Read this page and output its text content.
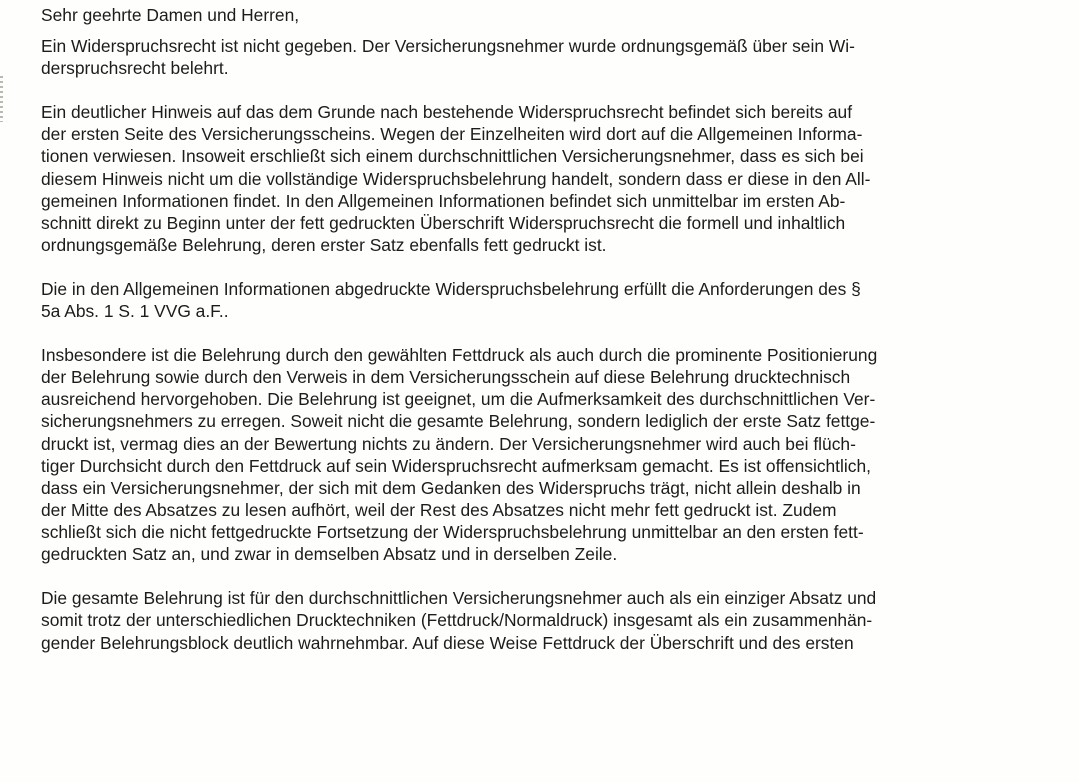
Sehr geehrte Damen und Herren,
Ein Widerspruchsrecht ist nicht gegeben. Der Versicherungsnehmer wurde ordnungsgemäß über sein Wi-
derspruchsrecht belehrt.
Ein deutlicher Hinweis auf das dem Grunde nach bestehende Widerspruchsrecht befindet sich bereits auf
der ersten Seite des Versicherungsscheins. Wegen der Einzelheiten wird dort auf die Allgemeinen Informa-
tionen verwiesen. Insoweit erschließt sich einem durchschnittlichen Versicherungsnehmer, dass es sich bei
diesem Hinweis nicht um die vollständige Widerspruchsbelehrung handelt, sondern dass er diese in den All-
gemeinen Informationen findet. In den Allgemeinen Informationen befindet sich unmittelbar im ersten Ab-
schnitt direkt zu Beginn unter der fett gedruckten Überschrift Widerspruchsrecht die formell und inhaltlich
ordnungsgemäße Belehrung, deren erster Satz ebenfalls fett gedruckt ist.
Die in den Allgemeinen Informationen abgedruckte Widerspruchsbelehrung erfüllt die Anforderungen des §
5a Abs. 1 S. 1 VVG a.F..
Insbesondere ist die Belehrung durch den gewählten Fettdruck als auch durch die prominente Positionierung
der Belehrung sowie durch den Verweis in dem Versicherungsschein auf diese Belehrung drucktechnisch
ausreichend hervorgehoben. Die Belehrung ist geeignet, um die Aufmerksamkeit des durchschnittlichen Ver-
sicherungsnehmers zu erregen. Soweit nicht die gesamte Belehrung, sondern lediglich der erste Satz fettge-
druckt ist, vermag dies an der Bewertung nichts zu ändern. Der Versicherungsnehmer wird auch bei flüch-
tiger Durchsicht durch den Fettdruck auf sein Widerspruchsrecht aufmerksam gemacht. Es ist offensichtlich,
dass ein Versicherungsnehmer, der sich mit dem Gedanken des Widerspruchs trägt, nicht allein deshalb in
der Mitte des Absatzes zu lesen aufhört, weil der Rest des Absatzes nicht mehr fett gedruckt ist. Zudem
schließt sich die nicht fettgedruckte Fortsetzung der Widerspruchsbelehrung unmittelbar an den ersten fett-
gedruckten Satz an, und zwar in demselben Absatz und in derselben Zeile.
Die gesamte Belehrung ist für den durchschnittlichen Versicherungsnehmer auch als ein einziger Absatz und
somit trotz der unterschiedlichen Drucktechniken (Fettdruck/Normaldruck) insgesamt als ein zusammenhän-
gender Belehrungsblock deutlich wahrnehmbar. Auf diese Weise Fettdruck der Überschrift und des ersten
